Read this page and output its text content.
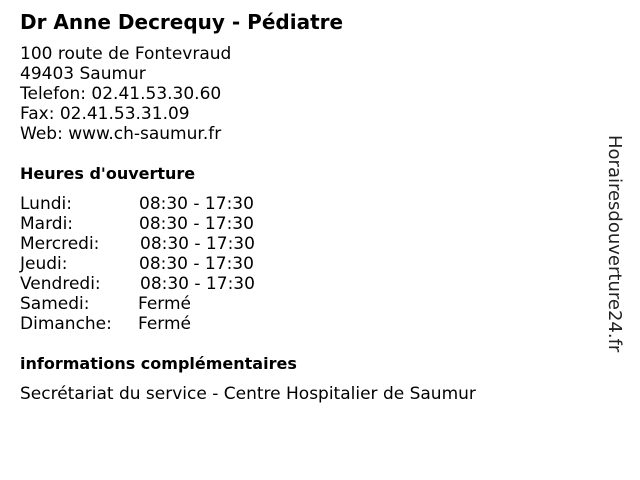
Dr Anne Decrequy - Pédiatre
100 route de Fontevraud
49403 Saumur
Telefon: 02.41.53.30.60
Fax: 02.41.53.31.09
Web: www.ch-saumur.fr
Heures d'ouverture
Lundi:	08:30 - 17:30
Mardi:	08:30 - 17:30
Mercredi: 08:30 - 17:30
Jeudi:	08:30 - 17:30
Vendredi: 08:30 - 17:30
Samedi:	Fermé
Dimanche: Fermé
informations complémentaires
Secrétariat du service - Centre Hospitalier de Saumur
Horairesdouverture24.fr
